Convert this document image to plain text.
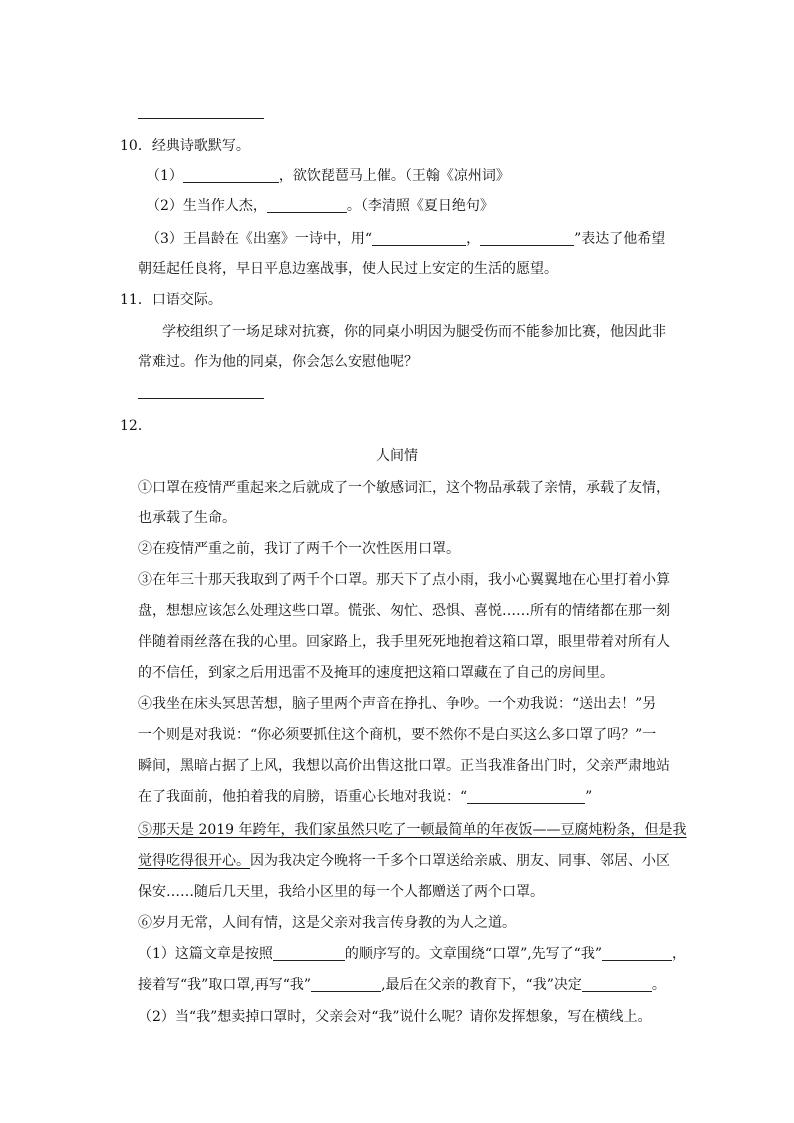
10．经典诗歌默写。
（1）	，欲饮琵琶马上催。（王翰《凉州词》
（2）生当作人杰，	。（李清照《夏日绝句》
（3）王昌龄在《出塞》一诗中，用“	，	”表达了他希望
朝廷起任良将，早日平息边塞战事，使人民过上安定的生活的愿望。
11．口语交际。
学校组织了一场足球对抗赛，你的同桌小明因为腿受伤而不能参加比赛，他因此非
常难过。作为他的同桌，你会怎么安慰他呢？
12．
人间情
①口罩在疫情严重起来之后就成了一个敏感词汇，这个物品承载了亲情，承载了友情，
也承载了生命。
②在疫情严重之前，我订了两千个一次性医用口罩。
③在年三十那天我取到了两千个口罩。那天下了点小雨，我小心翼翼地在心里打着小算
盘，想想应该怎么处理这些口罩。慌张、匆忙、恐惧、喜悦……所有的情绪都在那一刻
伴随着雨丝落在我的心里。回家路上，我手里死死地抱着这箱口罩，眼里带着对所有人
的不信任，到家之后用迅雷不及掩耳的速度把这箱口罩藏在了自己的房间里。
④我坐在床头冥思苦想，脑子里两个声音在挣扎、争吵。一个劝我说：“送出去！”另
一个则是对我说：“你必须要抓住这个商机，要不然你不是白买这么多口罩了吗？”一
瞬间，黑暗占据了上风，我想以高价出售这批口罩。正当我准备出门时，父亲严肃地站
在了我面前，他拍着我的肩膀，语重心长地对我说：“	”
⑤那天是 2019 年跨年，我们家虽然只吃了一顿最简单的年夜饭——豆腐炖粉条，但是我
觉得吃得很开心。因为我决定今晚将一千多个口罩送给亲戚、朋友、同事、邻居、小区
保安……随后几天里，我给小区里的每一个人都赠送了两个口罩。
⑥岁月无常，人间有情，这是父亲对我言传身教的为人之道。
（1）这篇文章是按照	的顺序写的。文章围绕“口罩”,先写了“我”	，
接着写“我”取口罩,再写“我”	,最后在父亲的教育下，“我”决定	。
（2）当“我”想卖掉口罩时，父亲会对“我”说什么呢？请你发挥想象，写在横线上。
